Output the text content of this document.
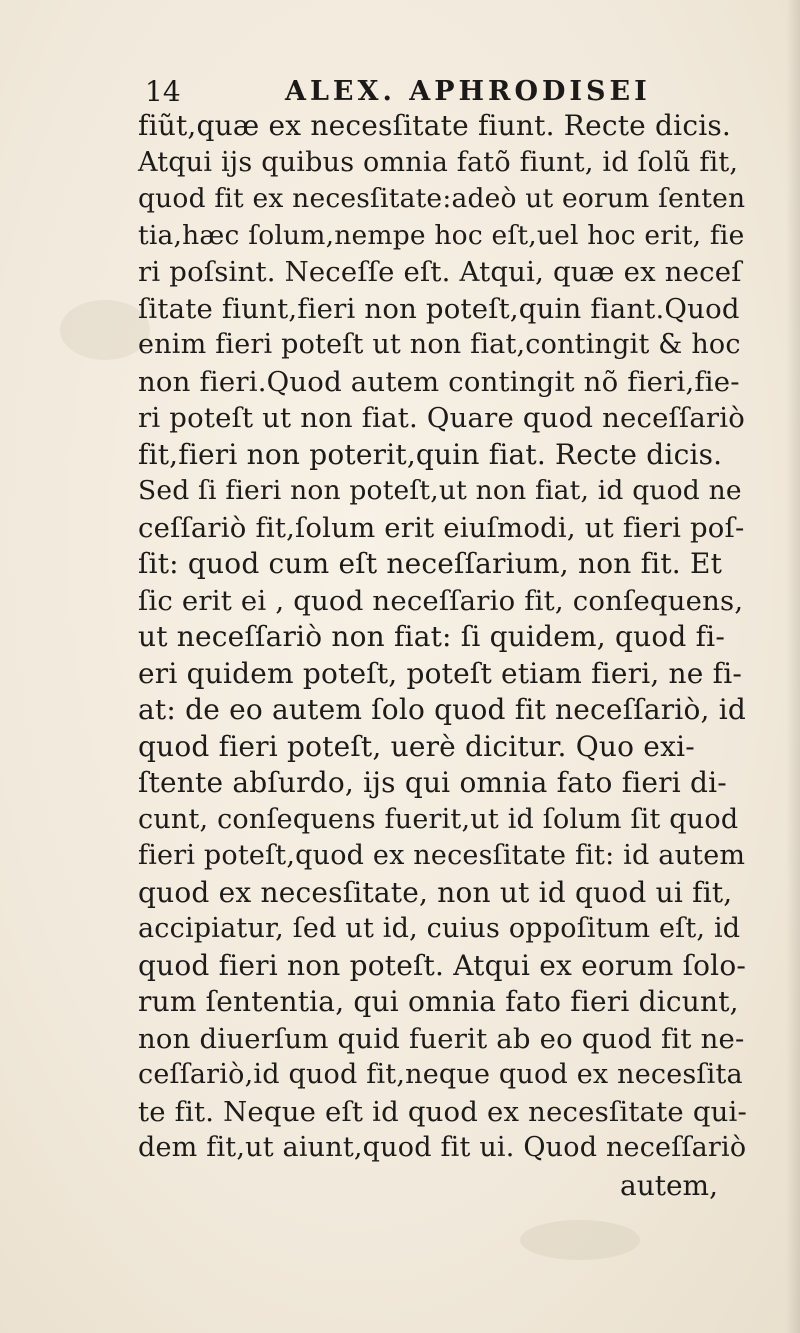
14	ALEX. APHRODISEI
fiũt,quæ ex necesſitate fiunt. Recte dicis.
Atqui ijs quibus omnia fatõ fiunt, id ſolũ fit,
quod fit ex necesſitate:adeò ut eorum ſenten
tia,hæc ſolum,nempe hoc eſt,uel hoc erit, fie
ri poſsint. Neceſſe eſt. Atqui, quæ ex neceſ
ſitate fiunt,fieri non poteſt,quin fiant.Quod
enim fieri poteſt ut non fiat,contingit & hoc
non fieri.Quod autem contingit nõ fieri,fie-
ri poteſt ut non fiat. Quare quod neceſſariò
fit,fieri non poterit,quin fiat. Recte dicis.
Sed ſi fieri non poteſt,ut non fiat, id quod ne
ceſſariò fit,ſolum erit eiuſmodi, ut fieri poſ-
ſit: quod cum eſt neceſſarium, non fit. Et
ſic erit ei , quod neceſſario fit, conſequens,
ut neceſſariò non fiat: ſi quidem, quod fi-
eri quidem poteſt, poteſt etiam fieri, ne fi-
at: de eo autem ſolo quod fit neceſſariò, id
quod fieri poteſt, uerè dicitur. Quo exi-
ſtente abſurdo, ijs qui omnia fato fieri di-
cunt, conſequens fuerit,ut id ſolum ſit quod
fieri poteſt,quod ex necesſitate fit: id autem
quod ex necesſitate, non ut id quod ui fit,
accipiatur, ſed ut id, cuius oppoſitum eſt, id
quod fieri non poteſt. Atqui ex eorum ſolo-
rum ſententia, qui omnia fato fieri dicunt,
non diuerſum quid fuerit ab eo quod fit ne-
ceſſariò,id quod fit,neque quod ex necesſita
te fit. Neque eſt id quod ex necesſitate qui-
dem fit,ut aiunt,quod fit ui. Quod neceſſariò
autem,
